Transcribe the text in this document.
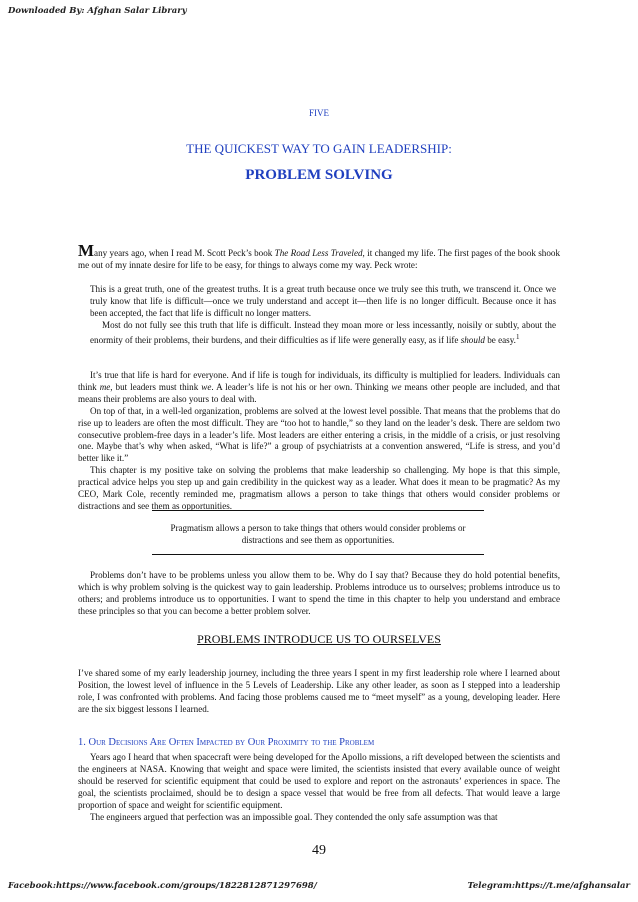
Downloaded By: Afghan Salar Library
FIVE
THE QUICKEST WAY TO GAIN LEADERSHIP:
PROBLEM SOLVING

Many years ago, when I read M. Scott Peck’s book The Road Less Traveled, it changed my life. The first pages of the book shook me out of my innate desire for life to be easy, for things to always come my way. Peck wrote:

This is a great truth, one of the greatest truths. It is a great truth because once we truly see this truth, we transcend it. Once we truly know that life is difficult—once we truly understand and accept it—then life is no longer difficult. Because once it has been accepted, the fact that life is difficult no longer matters.

Most do not fully see this truth that life is difficult. Instead they moan more or less incessantly, noisily or subtly, about the enormity of their problems, their burdens, and their difficulties as if life were generally easy, as if life should be easy.$^1$

It’s true that life is hard for everyone. And if life is tough for individuals, its difficulty is multiplied for leaders. Individuals can think me, but leaders must think we. A leader’s life is not his or her own. Thinking we means other people are included, and that means their problems are also yours to deal with.

On top of that, in a well-led organization, problems are solved at the lowest level possible. That means that the problems that do rise up to leaders are often the most difficult. They are “too hot to handle,” so they land on the leader’s desk. There are seldom two consecutive problem-free days in a leader’s life. Most leaders are either entering a crisis, in the middle of a crisis, or just resolving one. Maybe that’s why when asked, “What is life?” a group of psychiatrists at a convention answered, “Life is stress, and you’d better like it.”

This chapter is my positive take on solving the problems that make leadership so challenging. My hope is that this simple, practical advice helps you step up and gain credibility in the quickest way as a leader. What does it mean to be pragmatic? As my CEO, Mark Cole, recently reminded me, pragmatism allows a person to take things that others would consider problems or distractions and see them as opportunities.

Pragmatism allows a person to take things that others would consider problems or distractions and see them as opportunities.

Problems don’t have to be problems unless you allow them to be. Why do I say that? Because they do hold potential benefits, which is why problem solving is the quickest way to gain leadership. Problems introduce us to ourselves; problems introduce us to others; and problems introduce us to opportunities. I want to spend the time in this chapter to help you understand and embrace these principles so that you can become a better problem solver.

PROBLEMS INTRODUCE US TO OURSELVES

I’ve shared some of my early leadership journey, including the three years I spent in my first leadership role where I learned about Position, the lowest level of influence in the 5 Levels of Leadership. Like any other leader, as soon as I stepped into a leadership role, I was confronted with problems. And facing those problems caused me to “meet myself” as a young, developing leader. Here are the six biggest lessons I learned.

1. Our Decisions Are Often Impacted by Our Proximity to the Problem

Years ago I heard that when spacecraft were being developed for the Apollo missions, a rift developed between the scientists and the engineers at NASA. Knowing that weight and space were limited, the scientists insisted that every available ounce of weight should be reserved for scientific equipment that could be used to explore and report on the astronauts’ experiences in space. The goal, the scientists proclaimed, should be to design a space vessel that would be free from all defects. That would leave a large proportion of space and weight for scientific equipment.

The engineers argued that perfection was an impossible goal. They contended the only safe assumption was that

49
Facebook:https://www.facebook.com/groups/1822812871297698/	Telegram:https://t.me/afghansalar
